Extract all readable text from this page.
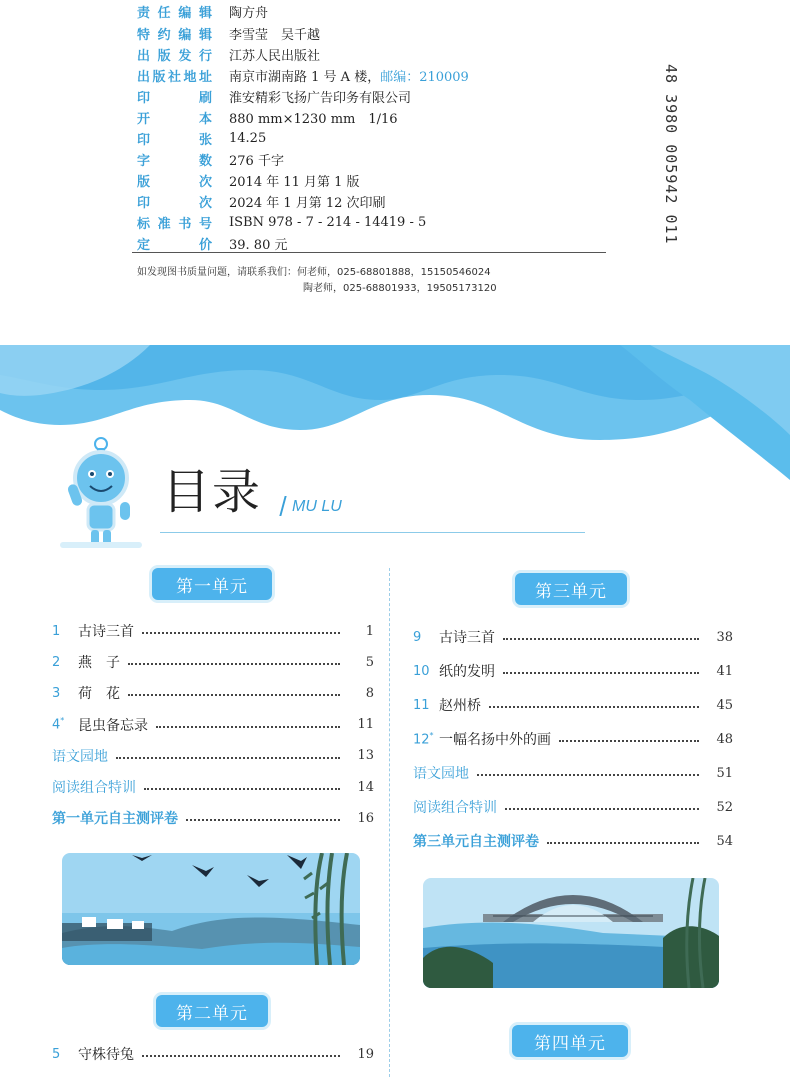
责 任 编 辑 陶方舟
特 约 编 辑 李雪莹　吴千越
出 版 发 行 江苏人民出版社
出 版 社 地 址 南京市湖南路 1 号 A 楼，邮编：210009
印	刷 淮安精彩飞扬广告印务有限公司
开	本 880 mm×1230 mm　1/16
印	张 14.25
字	数 276 千字
版	次 2014 年 11 月第 1 版
印	次 2024 年 1 月第 12 次印刷
标 准 书 号 ISBN 978 - 7 - 214 - 14419 - 5
定	价 39. 80 元
如发现图书质量问题，请联系我们：何老师，025-68801888，15150546024
陶老师，025-68801933，19505173120
48 3980 005942 011
目录 MU LU
第一单元
1 古诗三首	1
2 燕　子	5
3 荷　花	8
4* 昆虫备忘录	11
语文园地	13
阅读组合特训	14
第一单元自主测评卷	16
第二单元
5 守株待兔	19
第三单元
9 古诗三首	38
10 纸的发明	41
11 赵州桥	45
12* 一幅名扬中外的画	48
语文园地	51
阅读组合特训	52
第三单元自主测评卷	54
第四单元
